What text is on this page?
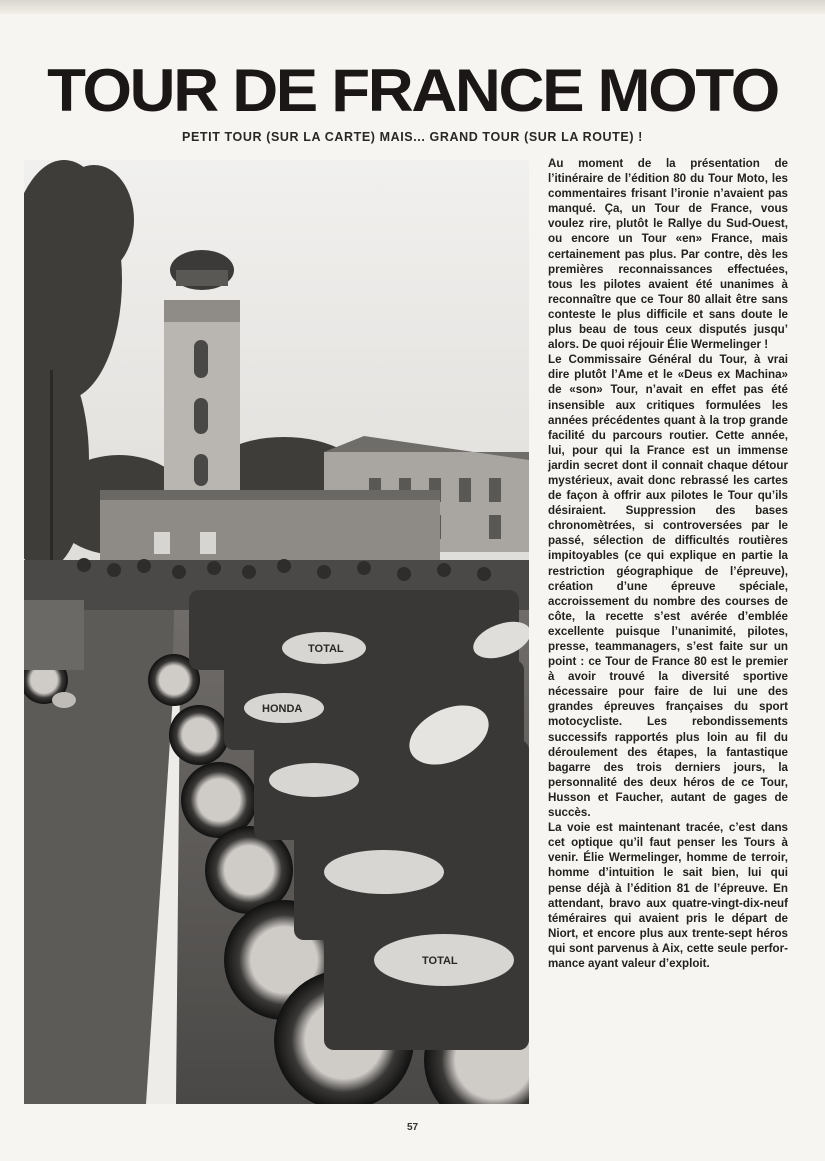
TOUR DE FRANCE MOTO
PETIT TOUR (SUR LA CARTE) MAIS... GRAND TOUR (SUR LA ROUTE) !
TOTAL
HONDA
TOTAL

Au moment de la présentation de l’itinéraire de l’édition 80 du Tour Moto, les commentaires frisant l’ironie n’avaient pas manqué. Ça, un Tour de France, vous voulez rire, plutôt le Rallye du Sud-Ouest, ou encore un Tour «en» France, mais certainement pas plus. Par contre, dès les premières reconnaissances effectuées, tous les pilotes avaient été unanimes à reconnaître que ce Tour 80 allait être sans conteste le plus difficile et sans doute le plus beau de tous ceux disputés jusqu’ alors. De quoi réjouir Élie Wermelinger !

Le Commissaire Général du Tour, à vrai dire plutôt l’Ame et le «Deus ex Machina» de «son» Tour, n’avait en effet pas été insensible aux critiques formulées les années précédentes quant à la trop grande facilité du parcours routier. Cette année, lui, pour qui la France est un immense jardin secret dont il connait chaque détour mystérieux, avait donc rebrassé les cartes de façon à offrir aux pilotes le Tour qu’ils désiraient. Suppression des bases chronomètrées, si controversées par le passé, sélection de difficultés routières impitoyables (ce qui explique en partie la restriction géographique de l’épreuve), création d’une épreuve spéciale, accroissement du nombre des courses de côte, la recette s’est avérée d’emblée excellente puisque l’unanimité, pilotes, presse, teammanagers, s’est faite sur un point : ce Tour de France 80 est le premier à avoir trouvé la diversité sportive nécessaire pour faire de lui une des grandes épreuves françaises du sport motocycliste. Les rebondissements successifs rapportés plus loin au fil du déroulement des étapes, la fantastique bagarre des trois derniers jours, la personnalité des deux héros de ce Tour, Husson et Faucher, autant de gages de succès.

La voie est maintenant tracée, c’est dans cet optique qu’il faut penser les Tours à venir. Élie Wermelinger, homme de terroir, homme d’intuition le sait bien, lui qui pense déjà à l’édition 81 de l’épreuve. En attendant, bravo aux quatre-vingt-dix-neuf téméraires qui avaient pris le départ de Niort, et encore plus aux trente-sept héros qui sont parvenus à Aix, cette seule performance ayant valeur d’exploit.

57
